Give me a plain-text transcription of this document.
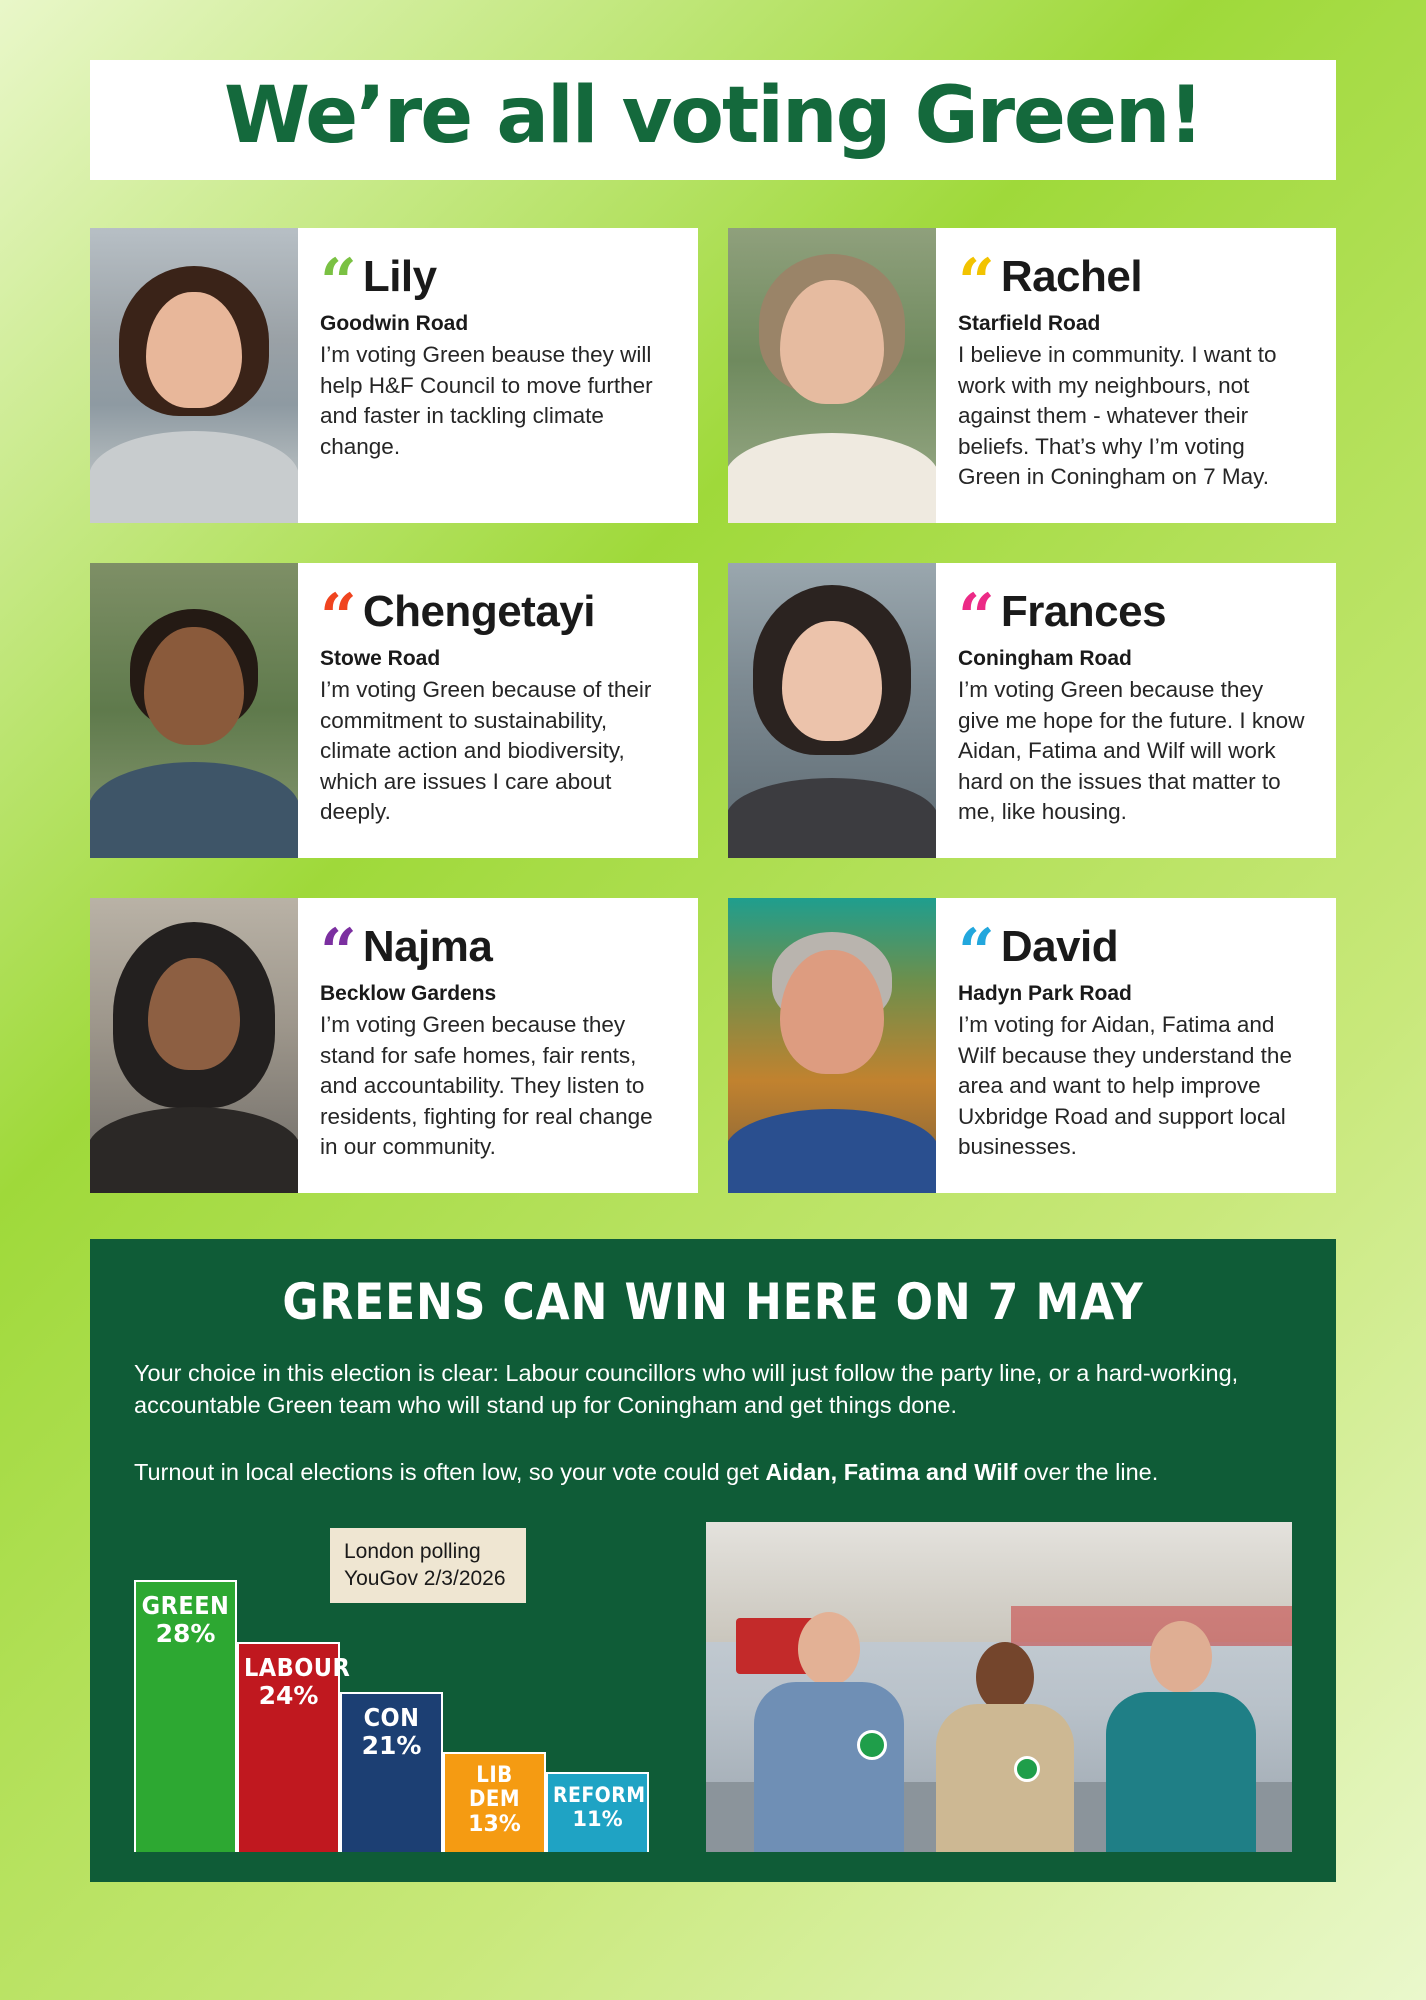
We’re all voting Green!
“ Lily
Goodwin Road
I’m voting Green beause they will help H&F Council to move further and faster in tackling climate change.
“ Rachel
Starfield Road
I believe in community. I want to work with my neighbours, not against them - whatever their beliefs. That’s why I’m voting Green in Coningham on 7 May.
“ Chengetayi
Stowe Road
I’m voting Green because of their commitment to sustainability, climate action and biodiversity, which are issues I care about deeply.
“ Frances
Coningham Road
I’m voting Green because they give me hope for the future. I know Aidan, Fatima and Wilf will work hard on the issues that matter to me, like housing.
“ Najma
Becklow Gardens
I’m voting Green because they stand for safe homes, fair rents, and accountability. They listen to residents, fighting for real change in our community.
“ David
Hadyn Park Road
I’m voting for Aidan, Fatima and Wilf because they understand the area and want to help improve Uxbridge Road and support local businesses.
GREENS CAN WIN HERE ON 7 MAY

Your choice in this election is clear: Labour councillors who will just follow the party line, or a hard-working, accountable Green team who will stand up for Coningham and get things done.

Turnout in local elections is often low, so your vote could get Aidan, Fatima and Wilf over the line.

GREEN
28%
LABOUR
24%
CON
21%
LIB DEM
13%
REFORM
11%
London polling YouGov 2/3/2026
